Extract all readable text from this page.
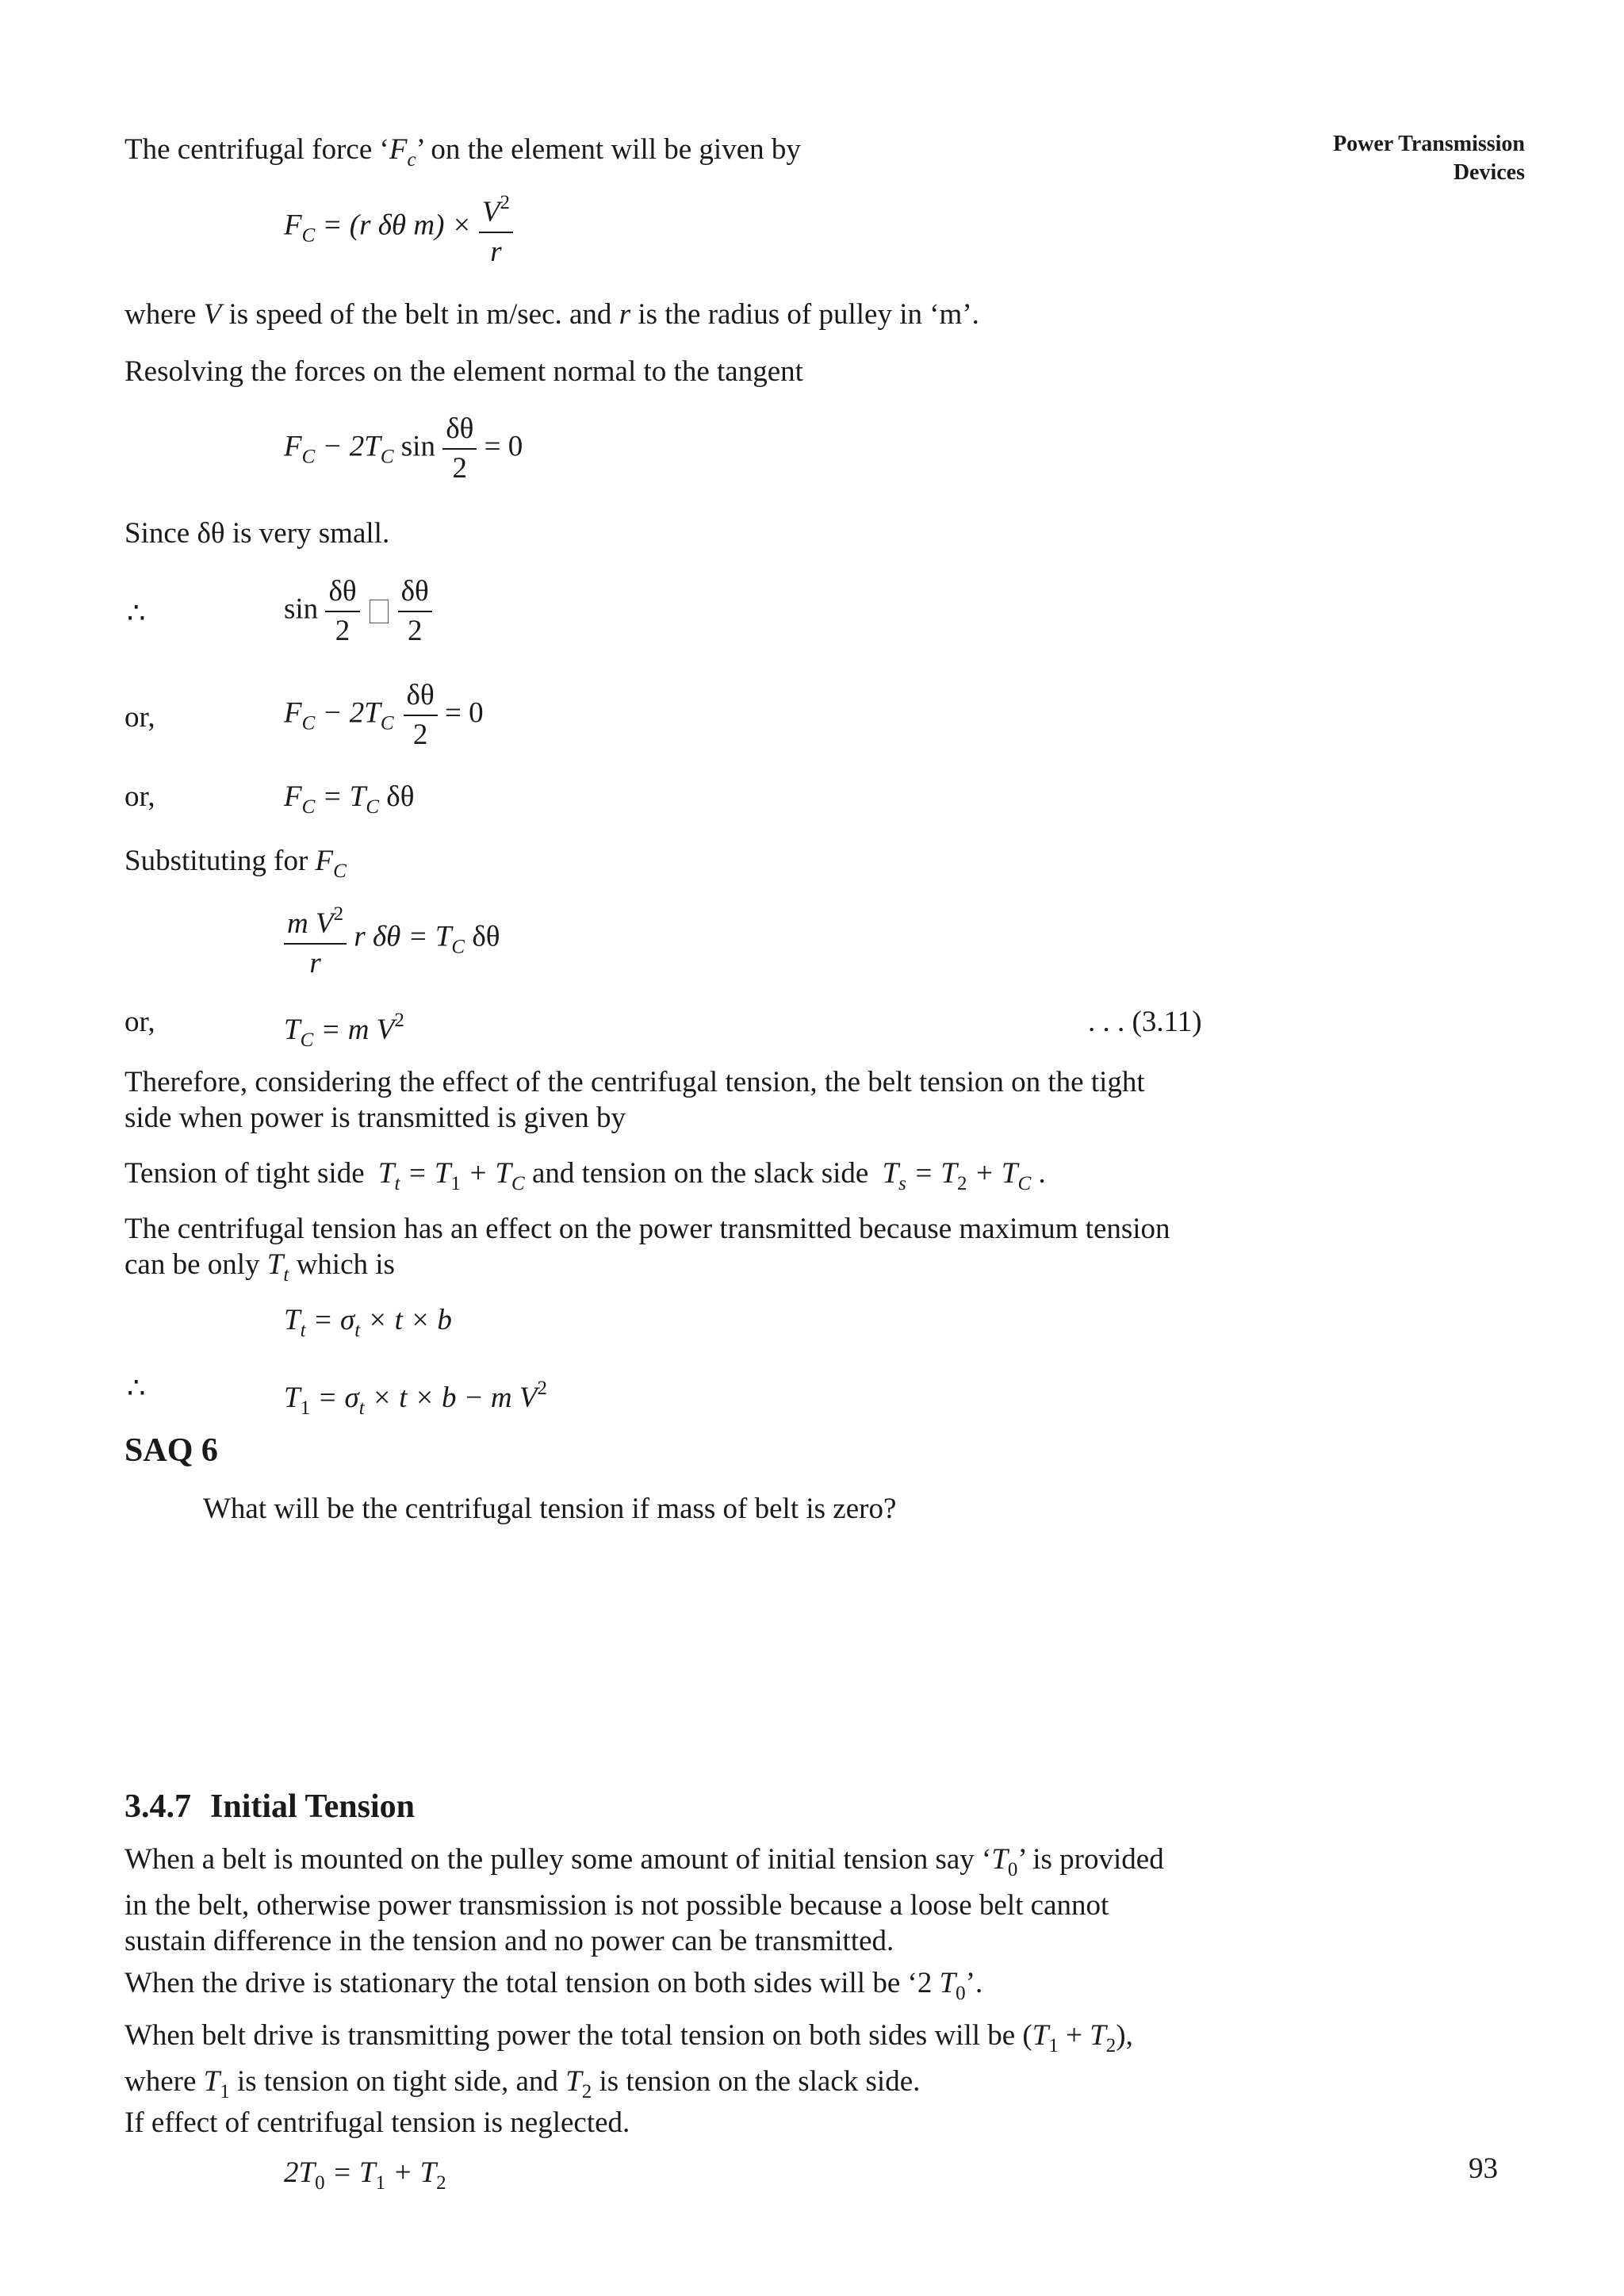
Power Transmission
Devices
The centrifugal force ‘$F_c$’ on the element will be given by
$F_C = (r$ δθ $m) \times \frac{V^2}{r}$
where V is speed of the belt in m/sec. and r is the radius of pulley in ‘m’.
Resolving the forces on the element normal to the tangent
$F_C - 2T_C$ $\sin \frac{\delta\theta}{2} = 0$
Since δθ is very small.
∴	$\sin \frac{\delta\theta}{2} \frac{\delta\theta}{2}$
or,	$F_C - 2T_C \frac{\delta\theta}{2} = 0$
or,	$F_C = T_C$ δθ
Substituting for $F_C$
$\frac{m V^2}{r}$ r $\delta\theta = T_C$ δθ
or,	$T_C = m$ $V^2$	. . . (3.11)
Therefore, considering the effect of the centrifugal tension, the belt tension on the tight
side when power is transmitted is given by
Tension of tight side $T_t = T_1 + T_C$ and tension on the slack side $T_s = T_2 + T_C$ .
The centrifugal tension has an effect on the power transmitted because maximum tension
can be only $T_t$ which is
$T_t = \sigma_t \times t \times b$
∴	$T_1 = \sigma_t \times t \times b - m$ $V^2$
SAQ 6
What will be the centrifugal tension if mass of belt is zero?
3.4.7 Initial Tension
When a belt is mounted on the pulley some amount of initial tension say ‘$T_0$’ is provided
in the belt, otherwise power transmission is not possible because a loose belt cannot
sustain difference in the tension and no power can be transmitted.
When the drive is stationary the total tension on both sides will be ‘2 $T_0$’.
When belt drive is transmitting power the total tension on both sides will be $(T_1 + T_2)$,
where $T_1$ is tension on tight side, and $T_2$ is tension on the slack side.
If effect of centrifugal tension is neglected.
$2T_0 = T_1 + T_2$	93
